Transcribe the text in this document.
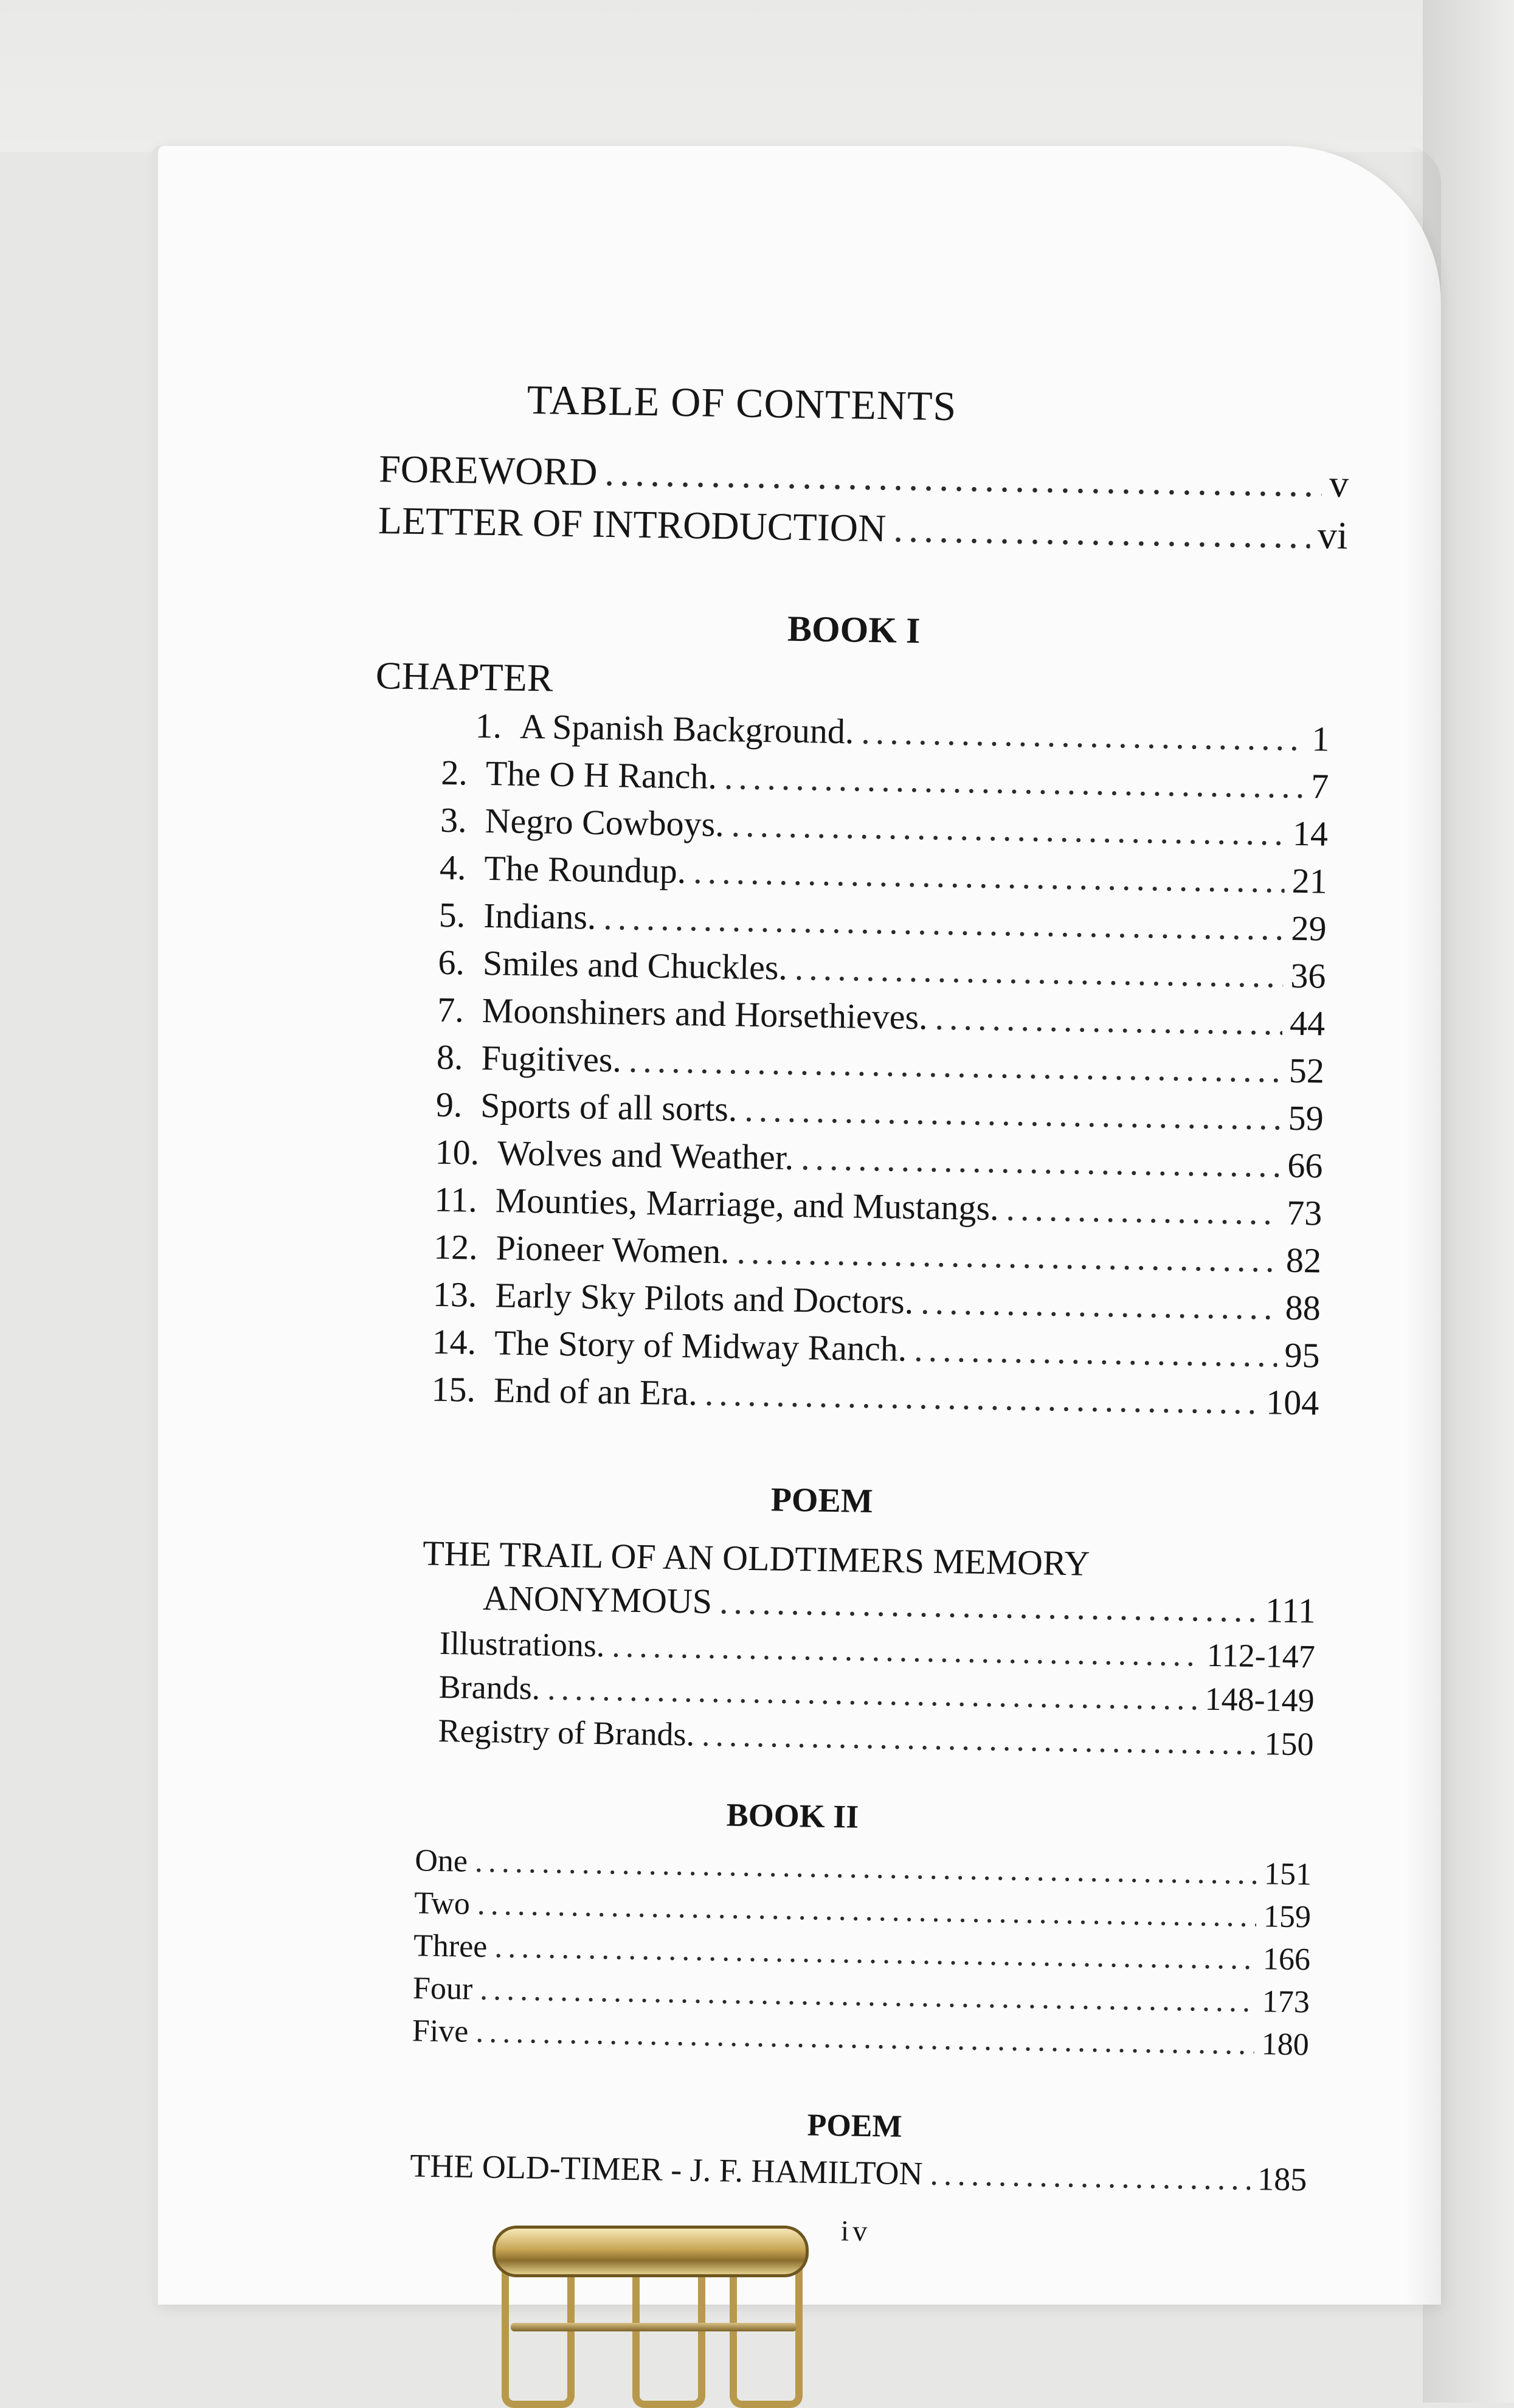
TABLE OF CONTENTS
FOREWORD .....	v
LETTER OF INTRODUCTION .....	vi
BOOK I
CHAPTER
1. A Spanish Background. .....	1
2. The O H Ranch. .....	7
3. Negro Cowboys. .....	14
4. The Roundup. .....	21
5. Indians. .....	29
6. Smiles and Chuckles. .....	36
7. Moonshiners and Horsethieves. .....	44
8. Fugitives. .....	52
9. Sports of all sorts. .....	59
10. Wolves and Weather. .....	66
11. Mounties, Marriage, and Mustangs. .....	73
12. Pioneer Women. .....	82
13. Early Sky Pilots and Doctors. .....	88
14. The Story of Midway Ranch. .....	95
15. End of an Era. .....	104
POEM
THE TRAIL OF AN OLDTIMERS MEMORY
ANONYMOUS .....	111
Illustrations. .....	112-147
Brands. .....	148-149
Registry of Brands. .....	150
BOOK II
One .....	151
Two .....	159
Three .....	166
Four .....	173
Five .....	180
POEM
THE OLD-TIMER - J. F. HAMILTON .....	185
iv
